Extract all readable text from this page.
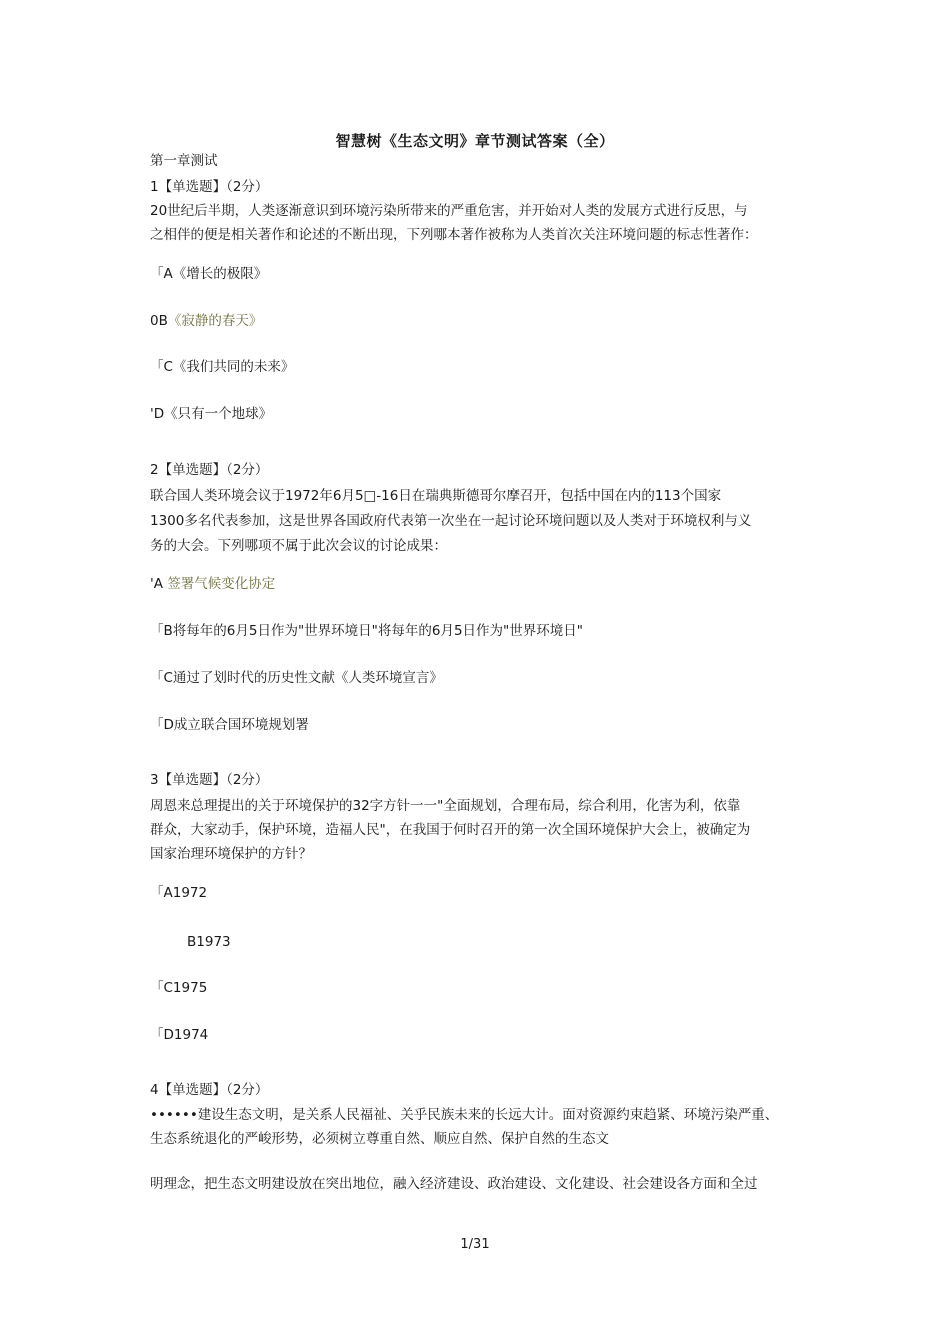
智慧树《生态文明》章节测试答案（全）
第一章测试
1【单选题】（2分）
20世纪后半期，人类逐渐意识到环境污染所带来的严重危害，并开始对人类的发展方式进行反思，与
之相伴的便是相关著作和论述的不断出现，下列哪本著作被称为人类首次关注环境问题的标志性著作：
「A《增长的极限》
0B《寂静的春天》
「C《我们共同的未来》
'D《只有一个地球》
2【单选题】（2分）
联合国人类环境会议于1972年6月5□-16日在瑞典斯德哥尔摩召开，包括中国在内的113个国家
1300多名代表参加，这是世界各国政府代表第一次坐在一起讨论环境问题以及人类对于环境权利与义
务的大会。下列哪项不属于此次会议的讨论成果：
'A 签署气候变化协定
「B将每年的6月5日作为"世界环境日"将每年的6月5日作为"世界环境日"
「C通过了划时代的历史性文献《人类环境宣言》
「D成立联合国环境规划署
3【单选题】（2分）
周恩来总理提出的关于环境保护的32字方针一一"全面规划，合理布局，综合利用，化害为利，依靠
群众，大家动手，保护环境，造福人民"，在我国于何时召开的第一次全国环境保护大会上，被确定为
国家治理环境保护的方针？
「A1972
B1973
「C1975
「D1974
4【单选题】（2分）
••••••建设生态文明，是关系人民福祉、关乎民族未来的长远大计。面对资源约束趋紧、环境污染严重、
生态系统退化的严峻形势，必须树立尊重自然、顺应自然、保护自然的生态文
明理念，把生态文明建设放在突出地位，融入经济建设、政治建设、文化建设、社会建设各方面和全过
1/31
